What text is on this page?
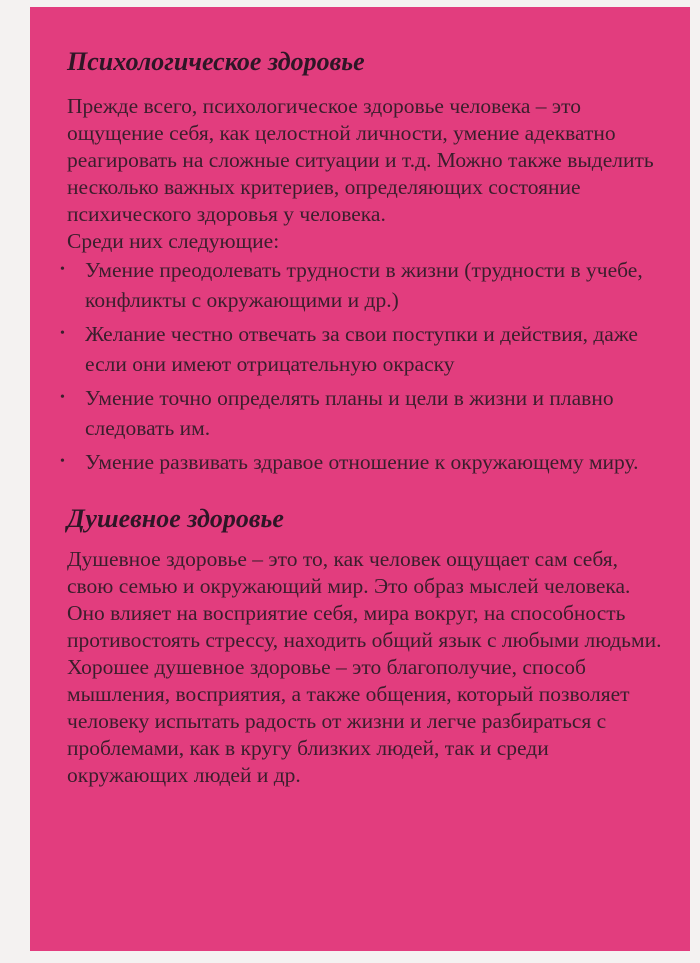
Психологическое здоровье

Прежде всего, психологическое здоровье человека – это ощущение себя, как целостной личности, умение адекватно реагировать на сложные ситуации и т.д. Можно также выделить несколько важных критериев, определяющих состояние психического здоровья у человека.

Среди них следующие:

• Умение преодолевать трудности в жизни (трудности в учебе, конфликты с окружающими и др.)
• Желание честно отвечать за свои поступки и действия, даже если они имеют отрицательную окраску
• Умение точно определять планы и цели в жизни и плавно следовать им.
• Умение развивать здравое отношение к окружающему миру.
Душевное здоровье

Душевное здоровье – это то, как человек ощущает сам себя, свою семью и окружающий мир. Это образ мыслей человека. Оно влияет на восприятие себя, мира вокруг, на способность противостоять стрессу, находить общий язык с любыми людьми.

Хорошее душевное здоровье – это благополучие, способ мышления, восприятия, а также общения, который позволяет человеку испытать радость от жизни и легче разбираться с проблемами, как в кругу близких людей, так и среди окружающих людей и др.
